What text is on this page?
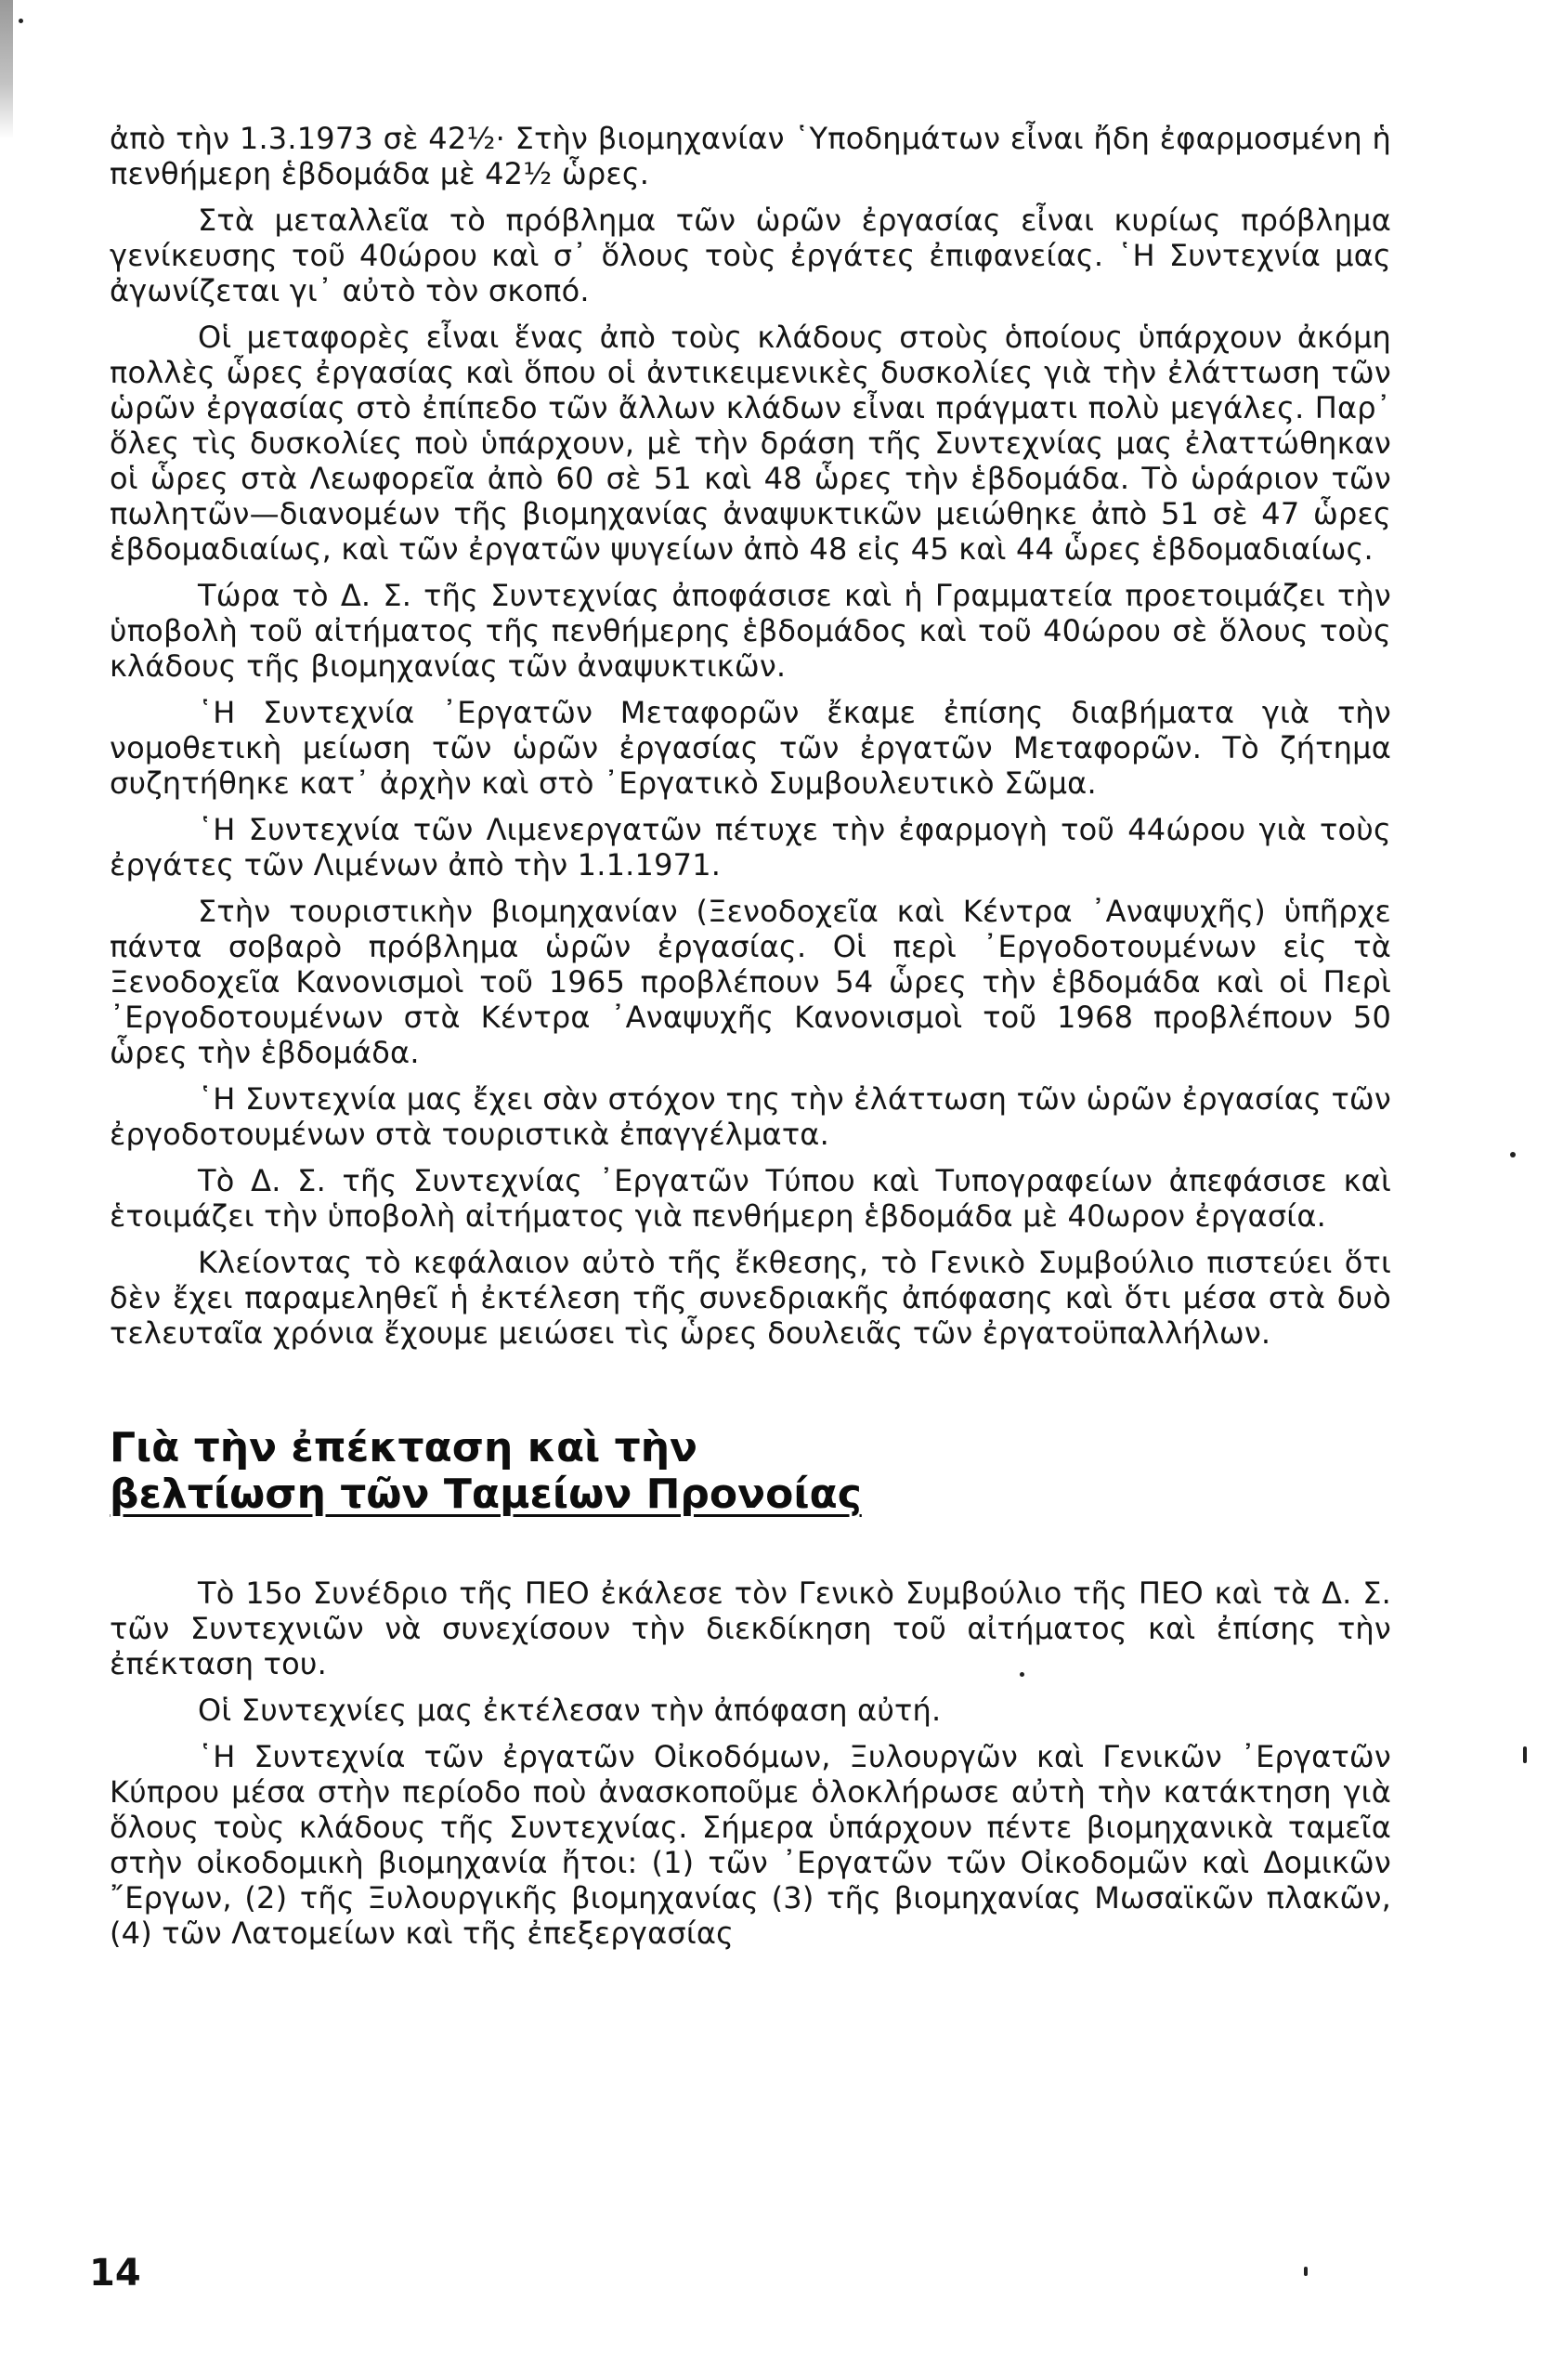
ἀπὸ τὴν 1.3.1973 σὲ 42½· Στὴν βιομηχανίαν ῾Υποδημάτων εἶναι ἤδη ἐφαρμοσμένη ἡ πενθήμερη ἑβδομάδα μὲ 42½ ὧρες.

Στὰ μεταλλεῖα τὸ πρόβλημα τῶν ὡρῶν ἐργασίας εἶναι κυρίως πρόβλημα γενίκευσης τοῦ 40ώρου καὶ σ᾽ ὅλους τοὺς ἐργάτες ἐπιφανείας. ῾Η Συντεχνία μας ἀγωνίζεται γι᾽ αὐτὸ τὸν σκοπό.

Οἱ μεταφορὲς εἶναι ἕνας ἀπὸ τοὺς κλάδους στοὺς ὁποίους ὑπάρχουν ἀκόμη πολλὲς ὧρες ἐργασίας καὶ ὅπου οἱ ἀντικειμενικὲς δυσκολίες γιὰ τὴν ἐλάττωση τῶν ὡρῶν ἐργασίας στὸ ἐπίπεδο τῶν ἄλλων κλάδων εἶναι πράγματι πολὺ μεγάλες. Παρ᾽ ὅλες τὶς δυσκολίες ποὺ ὑπάρχουν, μὲ τὴν δράση τῆς Συντεχνίας μας ἐλαττώθηκαν οἱ ὧρες στὰ Λεωφορεῖα ἀπὸ 60 σὲ 51 καὶ 48 ὧρες τὴν ἑβδομάδα. Τὸ ὡράριον τῶν πωλητῶν—διανομέων τῆς βιομηχανίας ἀναψυκτικῶν μειώθηκε ἀπὸ 51 σὲ 47 ὧρες ἑβδομαδιαίως, καὶ τῶν ἐργατῶν ψυγείων ἀπὸ 48 εἰς 45 καὶ 44 ὧρες ἑβδομαδιαίως.

Τώρα τὸ Δ. Σ. τῆς Συντεχνίας ἀποφάσισε καὶ ἡ Γραμματεία προετοιμάζει τὴν ὑποβολὴ τοῦ αἰτήματος τῆς πενθήμερης ἑβδομάδος καὶ τοῦ 40ώρου σὲ ὅλους τοὺς κλάδους τῆς βιομηχανίας τῶν ἀναψυκτικῶν.

῾Η Συντεχνία ᾽Εργατῶν Μεταφορῶν ἔκαμε ἐπίσης διαβήματα γιὰ τὴν νομοθετικὴ μείωση τῶν ὡρῶν ἐργασίας τῶν ἐργατῶν Μεταφορῶν. Τὸ ζήτημα συζητήθηκε κατ᾽ ἀρχὴν καὶ στὸ ᾽Εργατικὸ Συμβουλευτικὸ Σῶμα.

῾Η Συντεχνία τῶν Λιμενεργατῶν πέτυχε τὴν ἐφαρμογὴ τοῦ 44ώρου γιὰ τοὺς ἐργάτες τῶν Λιμένων ἀπὸ τὴν 1.1.1971.

Στὴν τουριστικὴν βιομηχανίαν (Ξενοδοχεῖα καὶ Κέντρα ᾽Αναψυχῆς) ὑπῆρχε πάντα σοβαρὸ πρόβλημα ὡρῶν ἐργασίας. Οἱ περὶ ᾽Εργοδοτουμένων εἰς τὰ Ξενοδοχεῖα Κανονισμοὶ τοῦ 1965 προβλέπουν 54 ὧρες τὴν ἑβδομάδα καὶ οἱ Περὶ ᾽Εργοδοτουμένων στὰ Κέντρα ᾽Αναψυχῆς Κανονισμοὶ τοῦ 1968 προβλέπουν 50 ὧρες τὴν ἑβδομάδα.

῾Η Συντεχνία μας ἔχει σὰν στόχον της τὴν ἐλάττωση τῶν ὡρῶν ἐργασίας τῶν ἐργοδοτουμένων στὰ τουριστικὰ ἐπαγγέλματα.

Τὸ Δ. Σ. τῆς Συντεχνίας ᾽Εργατῶν Τύπου καὶ Τυπογραφείων ἀπεφάσισε καὶ ἑτοιμάζει τὴν ὑποβολὴ αἰτήματος γιὰ πενθήμερη ἑβδομάδα μὲ 40ωρον ἐργασία.

Κλείοντας τὸ κεφάλαιον αὐτὸ τῆς ἔκθεσης, τὸ Γενικὸ Συμβούλιο πιστεύει ὅτι δὲν ἔχει παραμεληθεῖ ἡ ἐκτέλεση τῆς συνεδριακῆς ἀπόφασης καὶ ὅτι μέσα στὰ δυὸ τελευταῖα χρόνια ἔχουμε μειώσει τὶς ὧρες δουλειᾶς τῶν ἐργατοϋπαλλήλων.

Γιὰ τὴν ἐπέκταση καὶ τὴν
βελτίωση τῶν Ταμείων Προνοίας

Τὸ 15ο Συνέδριο τῆς ΠΕΟ ἐκάλεσε τὸν Γενικὸ Συμβούλιο τῆς ΠΕΟ καὶ τὰ Δ. Σ. τῶν Συντεχνιῶν νὰ συνεχίσουν τὴν διεκδίκηση τοῦ αἰτήματος καὶ ἐπίσης τὴν ἐπέκταση του.

Οἱ Συντεχνίες μας ἐκτέλεσαν τὴν ἀπόφαση αὐτή.

῾Η Συντεχνία τῶν ἐργατῶν Οἰκοδόμων, Ξυλουργῶν καὶ Γενικῶν ᾽Εργατῶν Κύπρου μέσα στὴν περίοδο ποὺ ἀνασκοποῦμε ὁλοκλήρωσε αὐτὴ τὴν κατάκτηση γιὰ ὅλους τοὺς κλάδους τῆς Συντεχνίας. Σήμερα ὑπάρχουν πέντε βιομηχανικὰ ταμεῖα στὴν οἰκοδομικὴ βιομηχανία ἤτοι: (1) τῶν ᾽Εργατῶν τῶν Οἰκοδομῶν καὶ Δομικῶν ῎Εργων, (2) τῆς Ξυλουργικῆς βιομηχανίας (3) τῆς βιομηχανίας Μωσαϊκῶν πλακῶν, (4) τῶν Λατομείων καὶ τῆς ἐπεξεργασίας

14
